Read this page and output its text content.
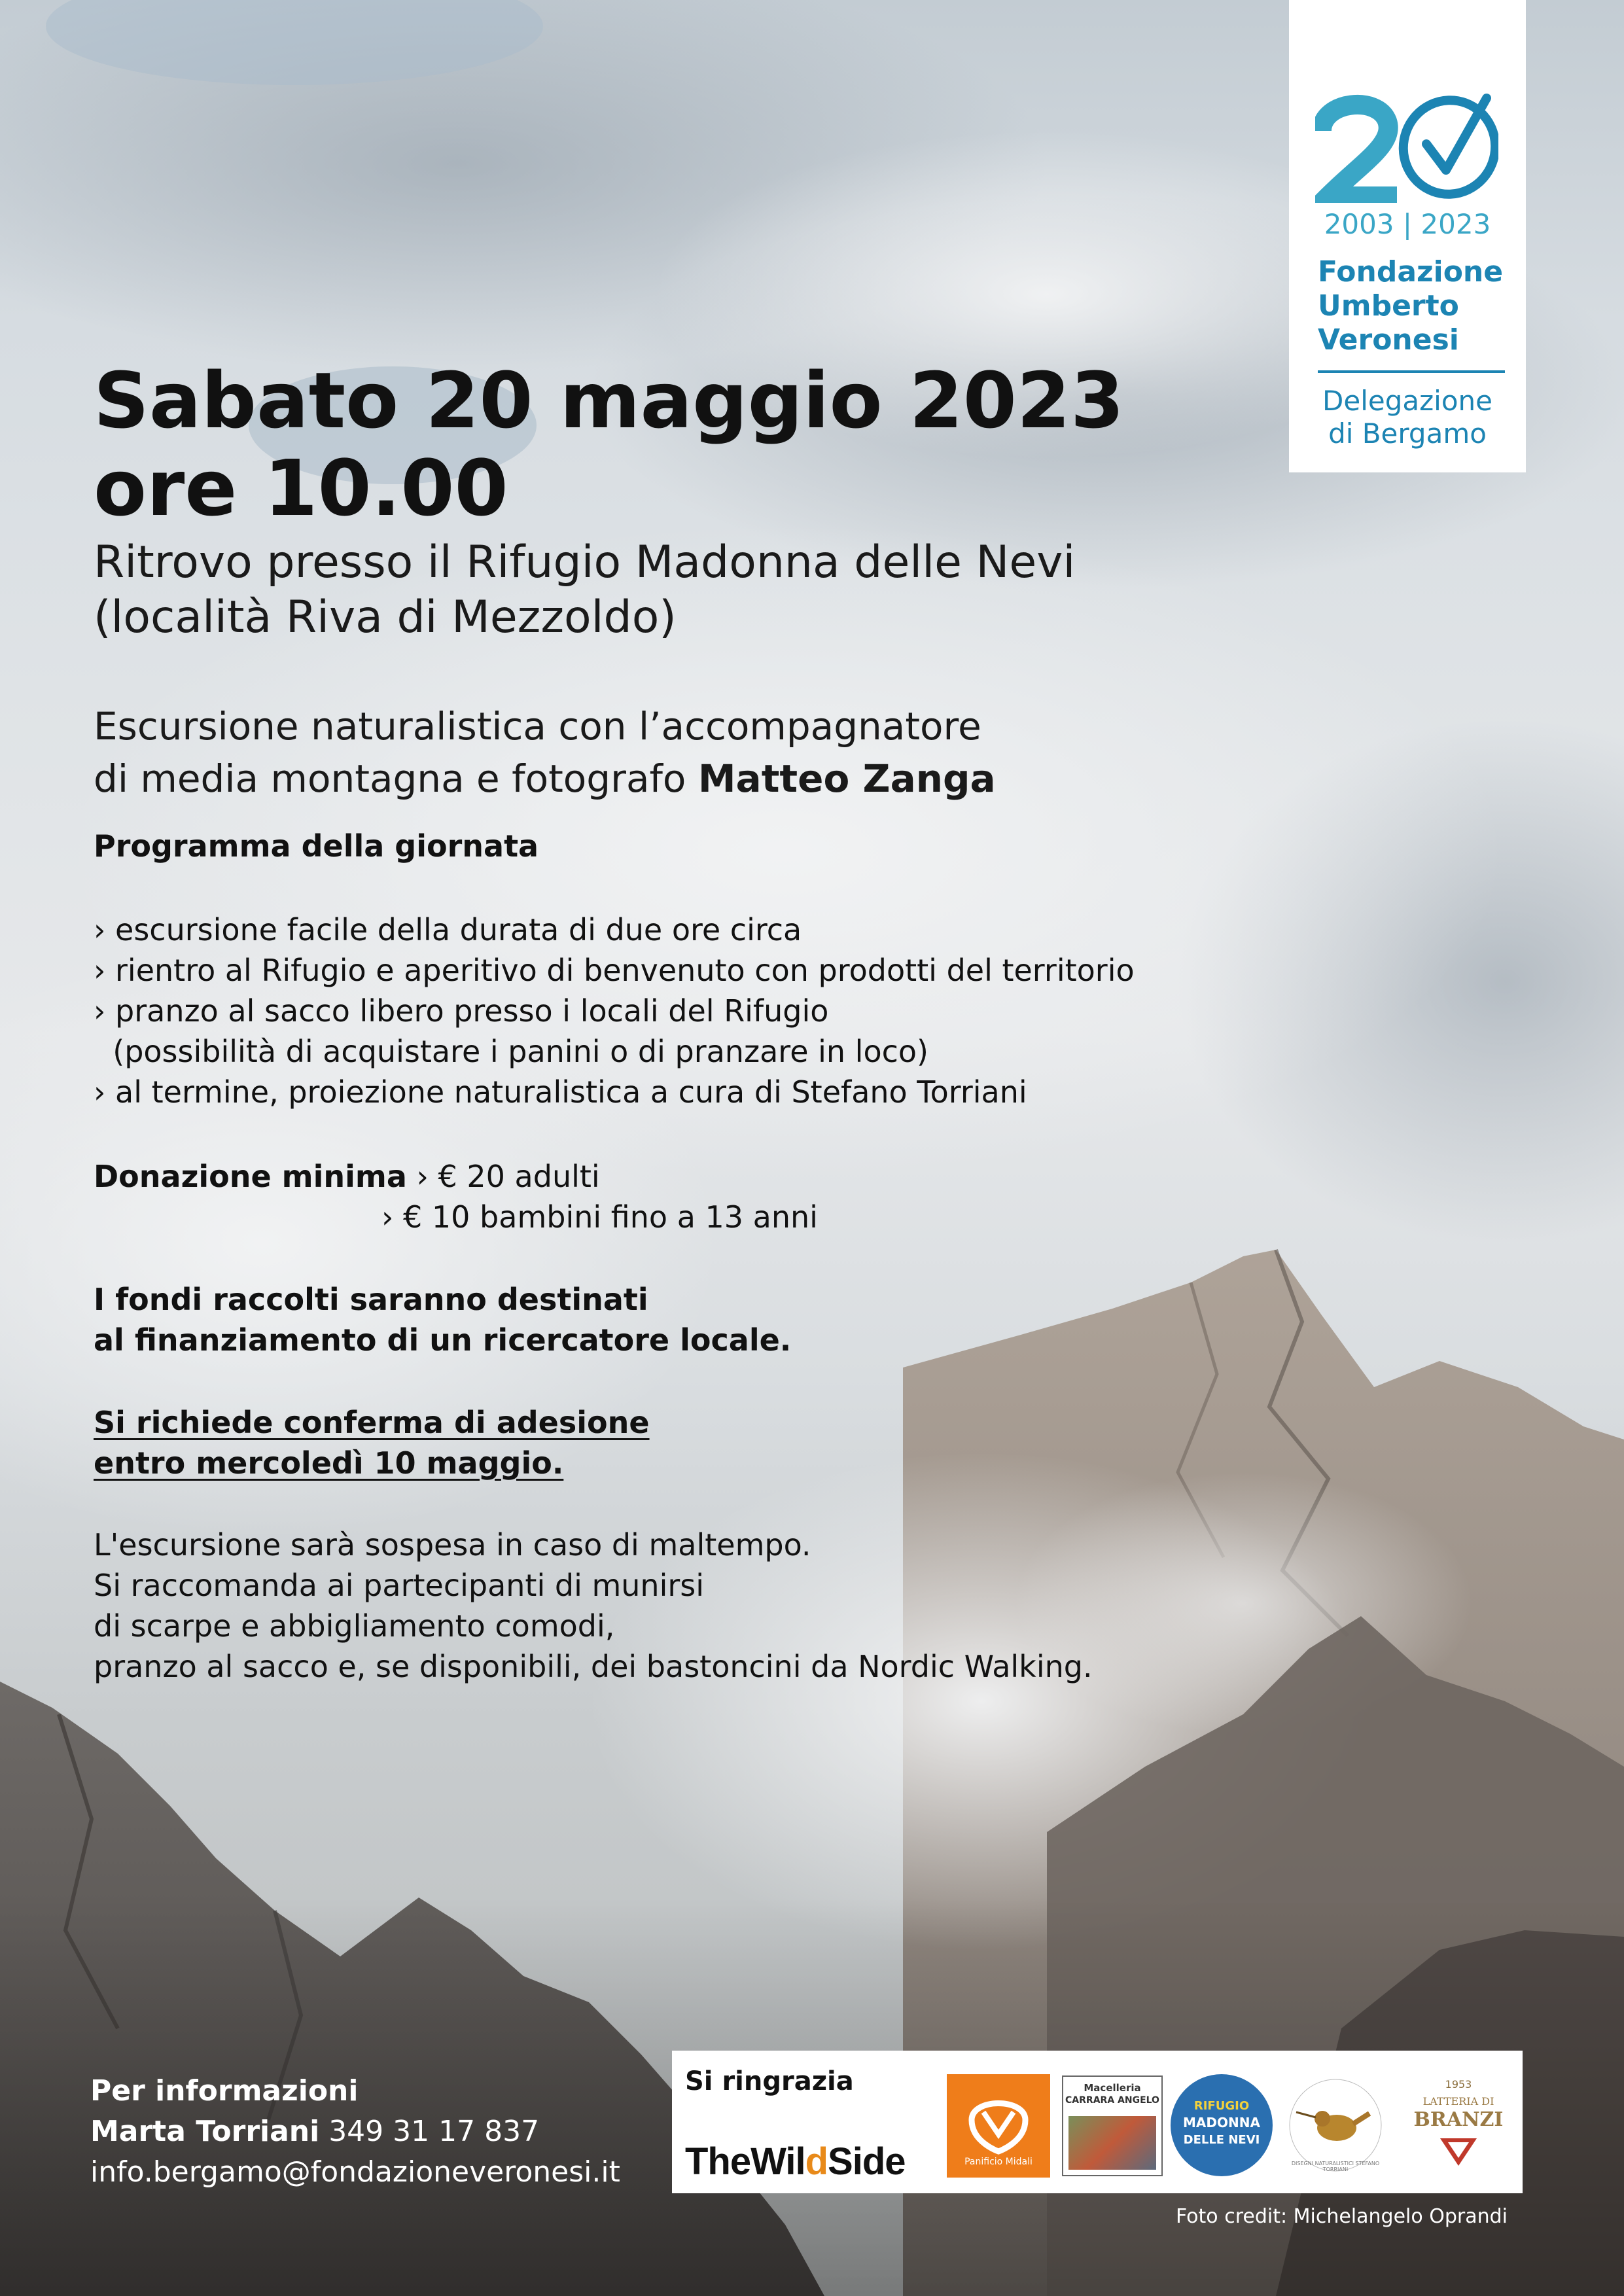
2003 | 2023
Fondazione
Umberto
Veronesi
Delegazione
di Bergamo
Sabato 20 maggio 2023
ore 10.00
Ritrovo presso il Rifugio Madonna delle Nevi
(località Riva di Mezzoldo)
Escursione naturalistica con l’accompagnatore
di media montagna e fotografo Matteo Zanga
Programma della giornata
› escursione facile della durata di due ore circa
› rientro al Rifugio e aperitivo di benvenuto con prodotti del territorio
› pranzo al sacco libero presso i locali del Rifugio
(possibilità di acquistare i panini o di pranzare in loco)
› al termine, proiezione naturalistica a cura di Stefano Torriani
Donazione minima › € 20 adulti
› € 10 bambini fino a 13 anni
I fondi raccolti saranno destinati
al finanziamento di un ricercatore locale.
Si richiede conferma di adesione
entro mercoledì 10 maggio.
L'escursione sarà sospesa in caso di maltempo.
Si raccomanda ai partecipanti di munirsi
di scarpe e abbigliamento comodi,
pranzo al sacco e, se disponibili, dei bastoncini da Nordic Walking.
Per informazioni
Marta Torriani 349 31 17 837
info.bergamo@fondazioneveronesi.it
Si ringrazia
TheWildSide	Panificio Midali
Macelleria
CARRARA ANGELO	RIFUGIO
MADONNA
DELLE NEVI
DISEGNI NATURALISTICI STEFANO TORRIANI
1953
LATTERIA DI
BRANZI
Foto credit: Michelangelo Oprandi
